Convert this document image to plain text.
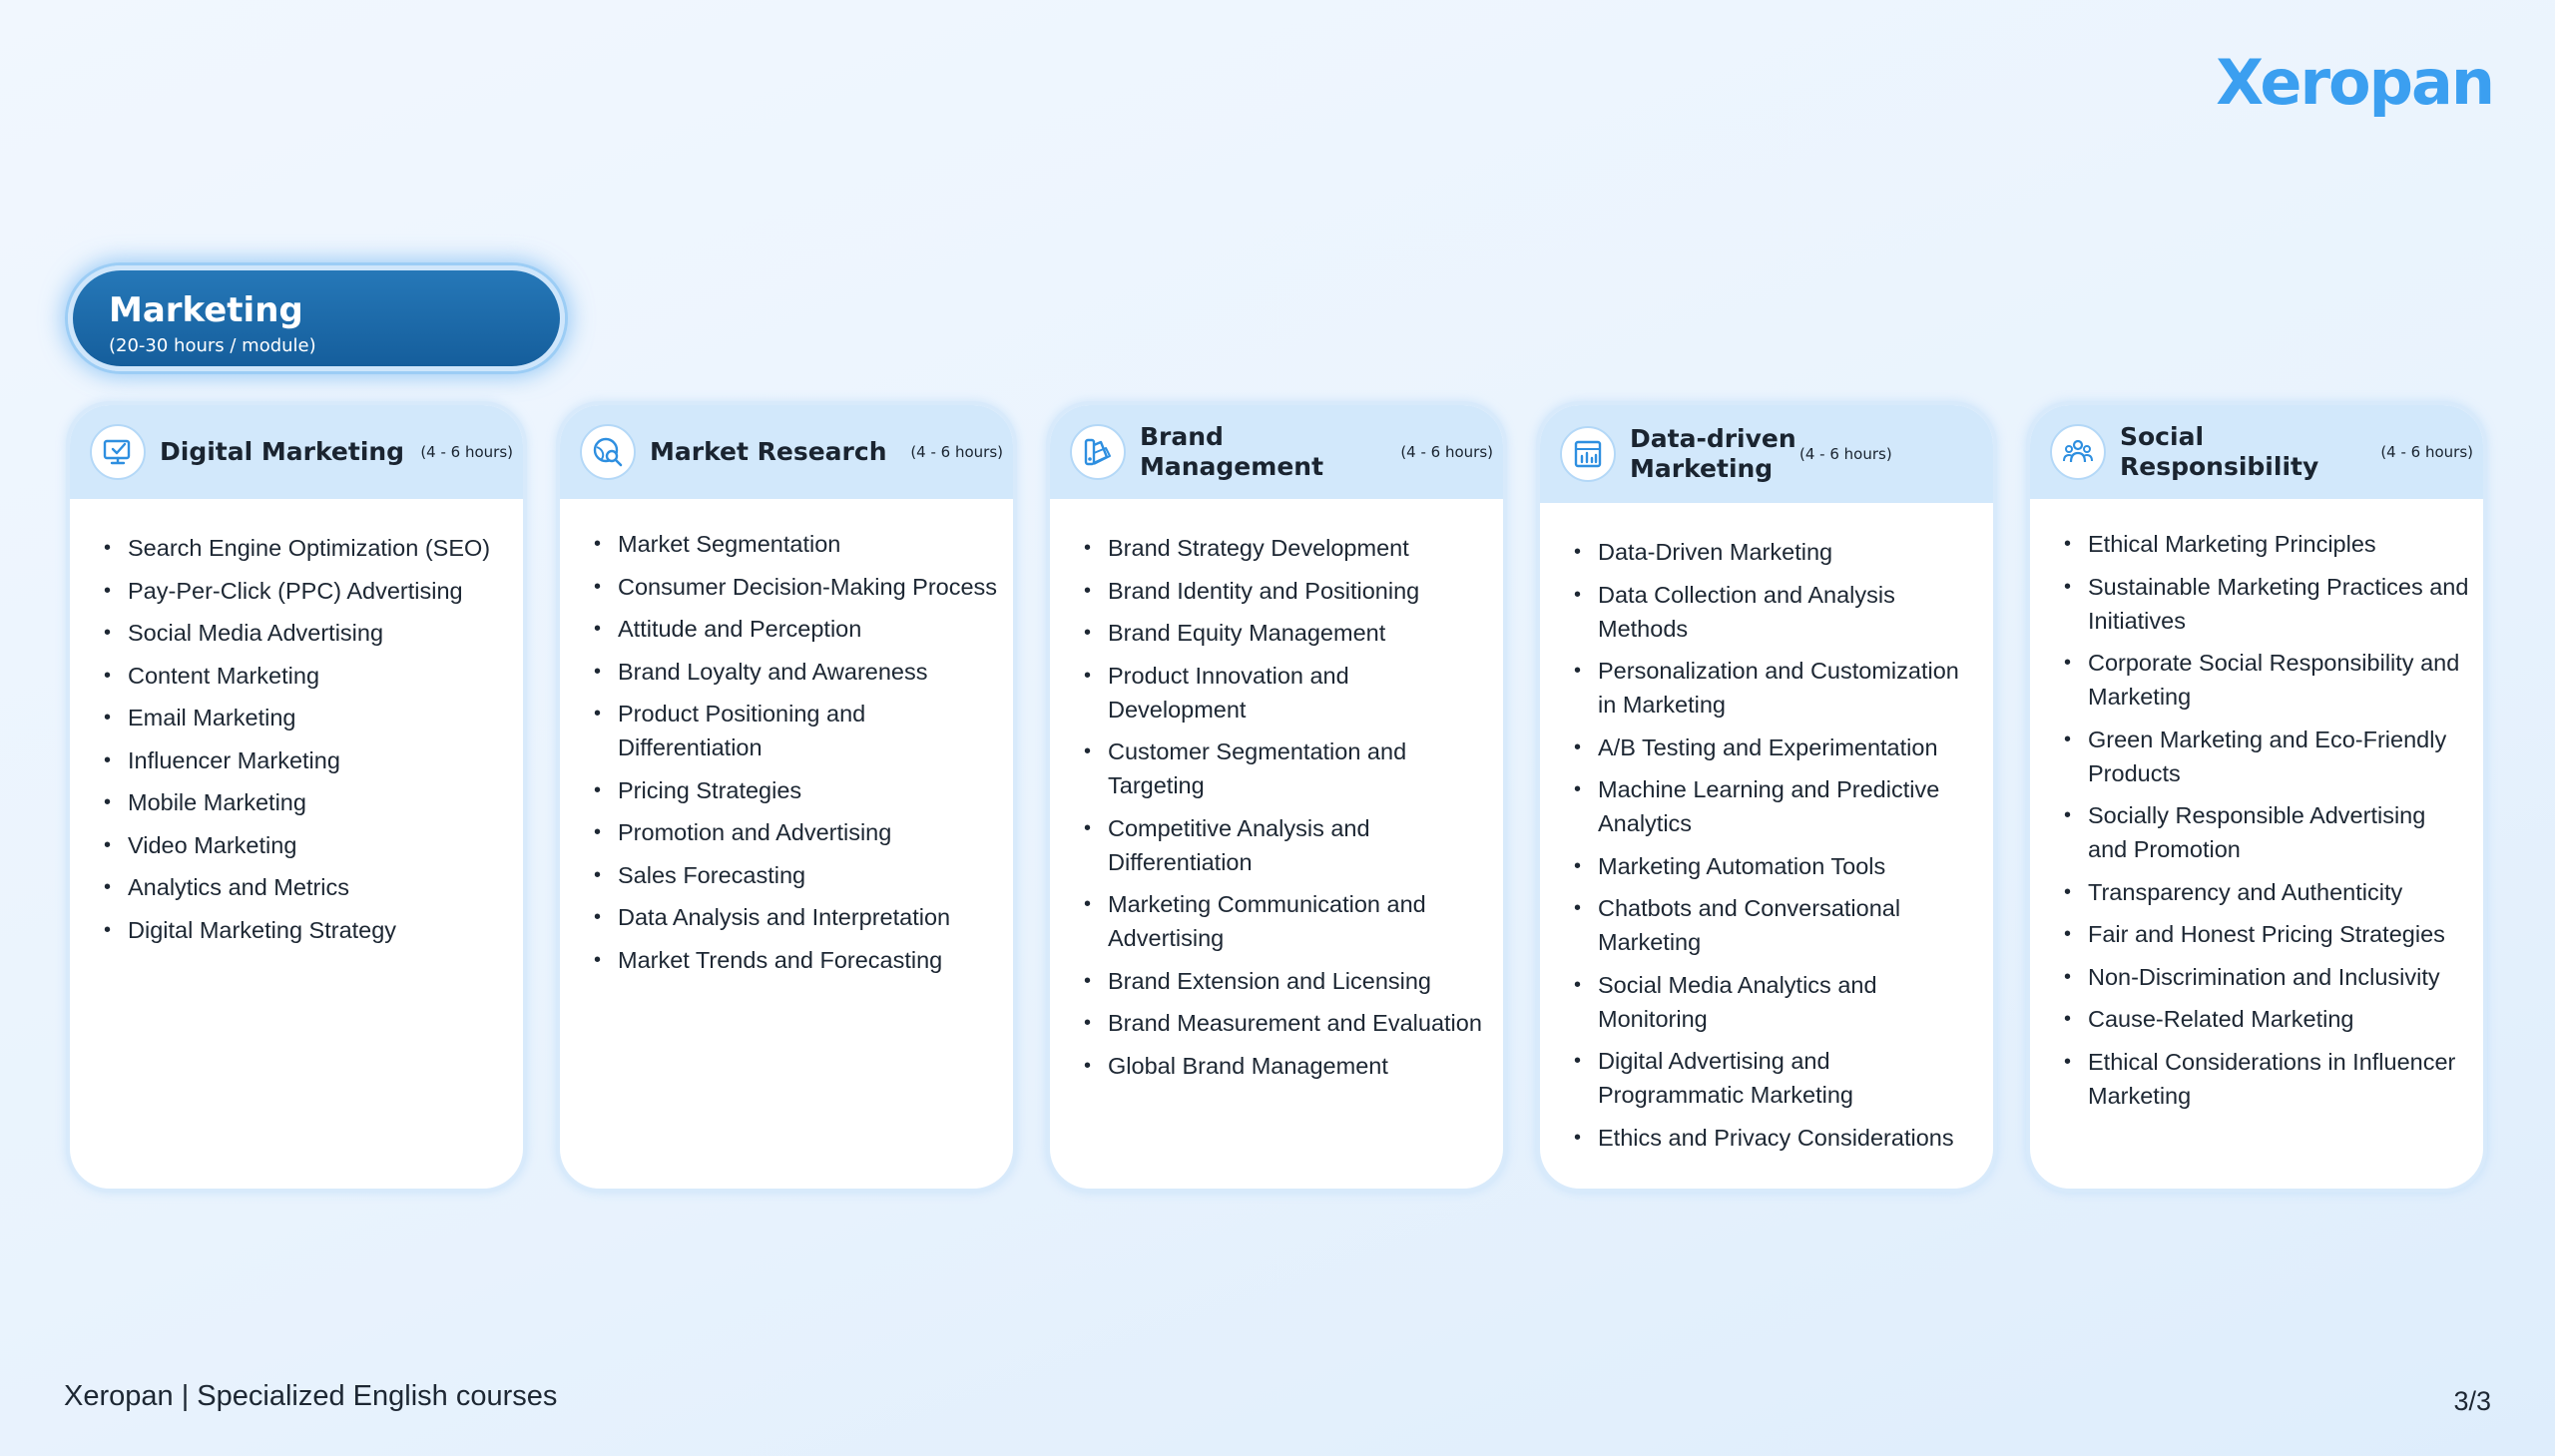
Xeropan
Marketing
(20-30 hours / module)
Digital Marketing	(4 - 6 hours)
• Search Engine Optimization (SEO)
• Pay-Per-Click (PPC) Advertising
• Social Media Advertising
• Content Marketing
• Email Marketing
• Influencer Marketing
• Mobile Marketing
• Video Marketing
• Analytics and Metrics
• Digital Marketing Strategy
Market Research	(4 - 6 hours)
• Market Segmentation
• Consumer Decision-Making Process
• Attitude and Perception
• Brand Loyalty and Awareness
• Product Positioning and Differentiation
• Pricing Strategies
• Promotion and Advertising
• Sales Forecasting
• Data Analysis and Interpretation
• Market Trends and Forecasting
Brand Management	(4 - 6 hours)
• Brand Strategy Development
• Brand Identity and Positioning
• Brand Equity Management
• Product Innovation and Development
• Customer Segmentation and Targeting
• Competitive Analysis and Differentiation
• Marketing Communication and Advertising
• Brand Extension and Licensing
• Brand Measurement and Evaluation
• Global Brand Management
Data-driven Marketing	(4 - 6 hours)
• Data-Driven Marketing
• Data Collection and Analysis Methods
• Personalization and Customization in Marketing
• A/B Testing and Experimentation
• Machine Learning and Predictive Analytics
• Marketing Automation Tools
• Chatbots and Conversational Marketing
• Social Media Analytics and Monitoring
• Digital Advertising and Programmatic Marketing
• Ethics and Privacy Considerations
Social Responsibility	(4 - 6 hours)
• Ethical Marketing Principles
• Sustainable Marketing Practices and Initiatives
• Corporate Social Responsibility and Marketing
• Green Marketing and Eco-Friendly Products
• Socially Responsible Advertising and Promotion
• Transparency and Authenticity
• Fair and Honest Pricing Strategies
• Non-Discrimination and Inclusivity
• Cause-Related Marketing
• Ethical Considerations in Influencer Marketing
Xeropan | Specialized English courses	3/3
